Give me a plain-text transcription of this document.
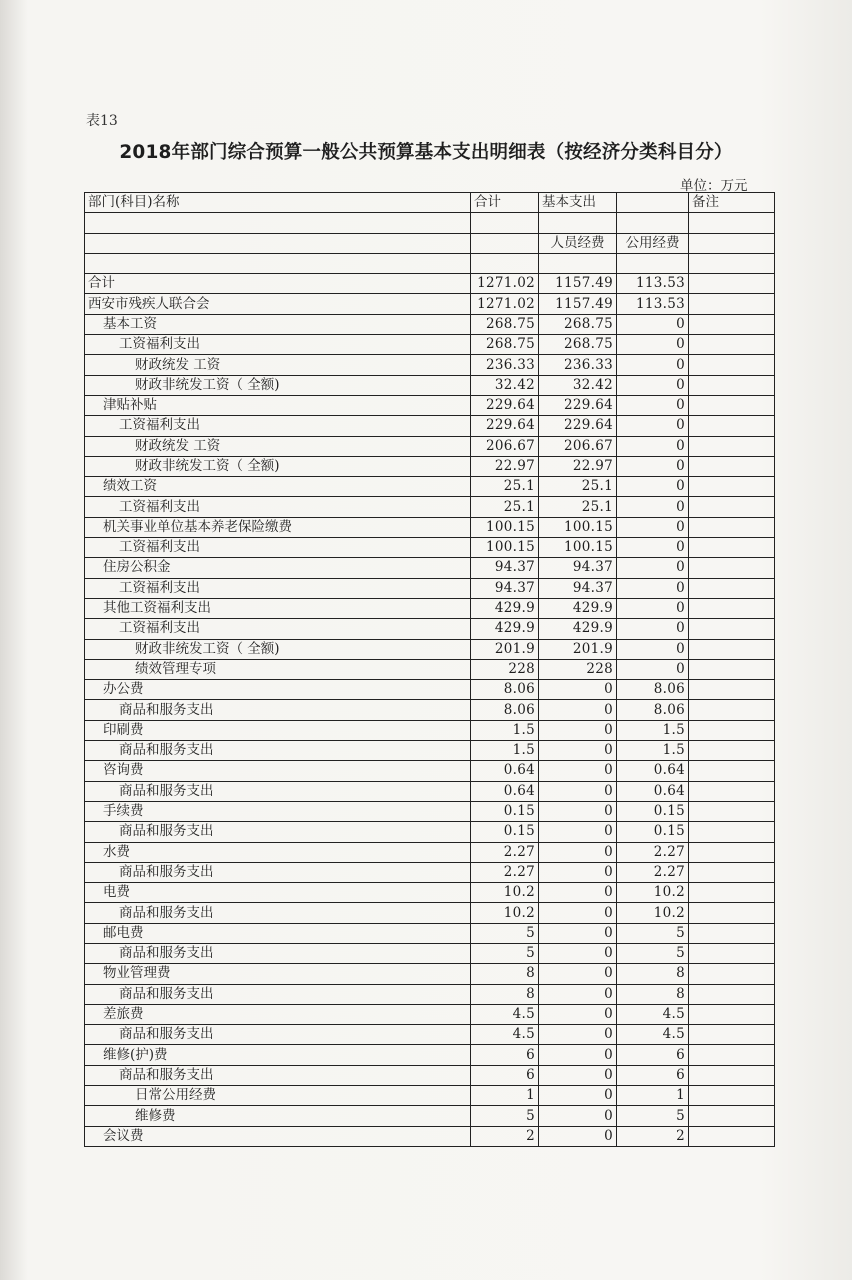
表13
2018年部门综合预算一般公共预算基本支出明细表（按经济分类科目分）
单位：万元
部门(科目)名称	合计	基本支出		备注

		人员经费	公用经费	

合计	1271.02	1157.49	113.53	
西安市残疾人联合会	1271.02	1157.49	113.53	
基本工资	268.75	268.75	0	
工资福利支出	268.75	268.75	0	
财政统发 工资	236.33	236.33	0	
财政非统发工资（ 全额)	32.42	32.42	0	
津贴补贴	229.64	229.64	0	
工资福利支出	229.64	229.64	0	
财政统发 工资	206.67	206.67	0	
财政非统发工资（ 全额)	22.97	22.97	0	
绩效工资	25.1	25.1	0	
工资福利支出	25.1	25.1	0	
机关事业单位基本养老保险缴费	100.15	100.15	0	
工资福利支出	100.15	100.15	0	
住房公积金	94.37	94.37	0	
工资福利支出	94.37	94.37	0	
其他工资福利支出	429.9	429.9	0	
工资福利支出	429.9	429.9	0	
财政非统发工资（ 全额)	201.9	201.9	0	
绩效管理专项	228	228	0	
办公费	8.06	0	8.06	
商品和服务支出	8.06	0	8.06	
印刷费	1.5	0	1.5	
商品和服务支出	1.5	0	1.5	
咨询费	0.64	0	0.64	
商品和服务支出	0.64	0	0.64	
手续费	0.15	0	0.15	
商品和服务支出	0.15	0	0.15	
水费	2.27	0	2.27	
商品和服务支出	2.27	0	2.27	
电费	10.2	0	10.2	
商品和服务支出	10.2	0	10.2	
邮电费	5	0	5	
商品和服务支出	5	0	5	
物业管理费	8	0	8	
商品和服务支出	8	0	8	
差旅费	4.5	0	4.5	
商品和服务支出	4.5	0	4.5	
维修(护)费	6	0	6	
商品和服务支出	6	0	6	
日常公用经费	1	0	1	
维修费	5	0	5	
会议费	2	0	2	
